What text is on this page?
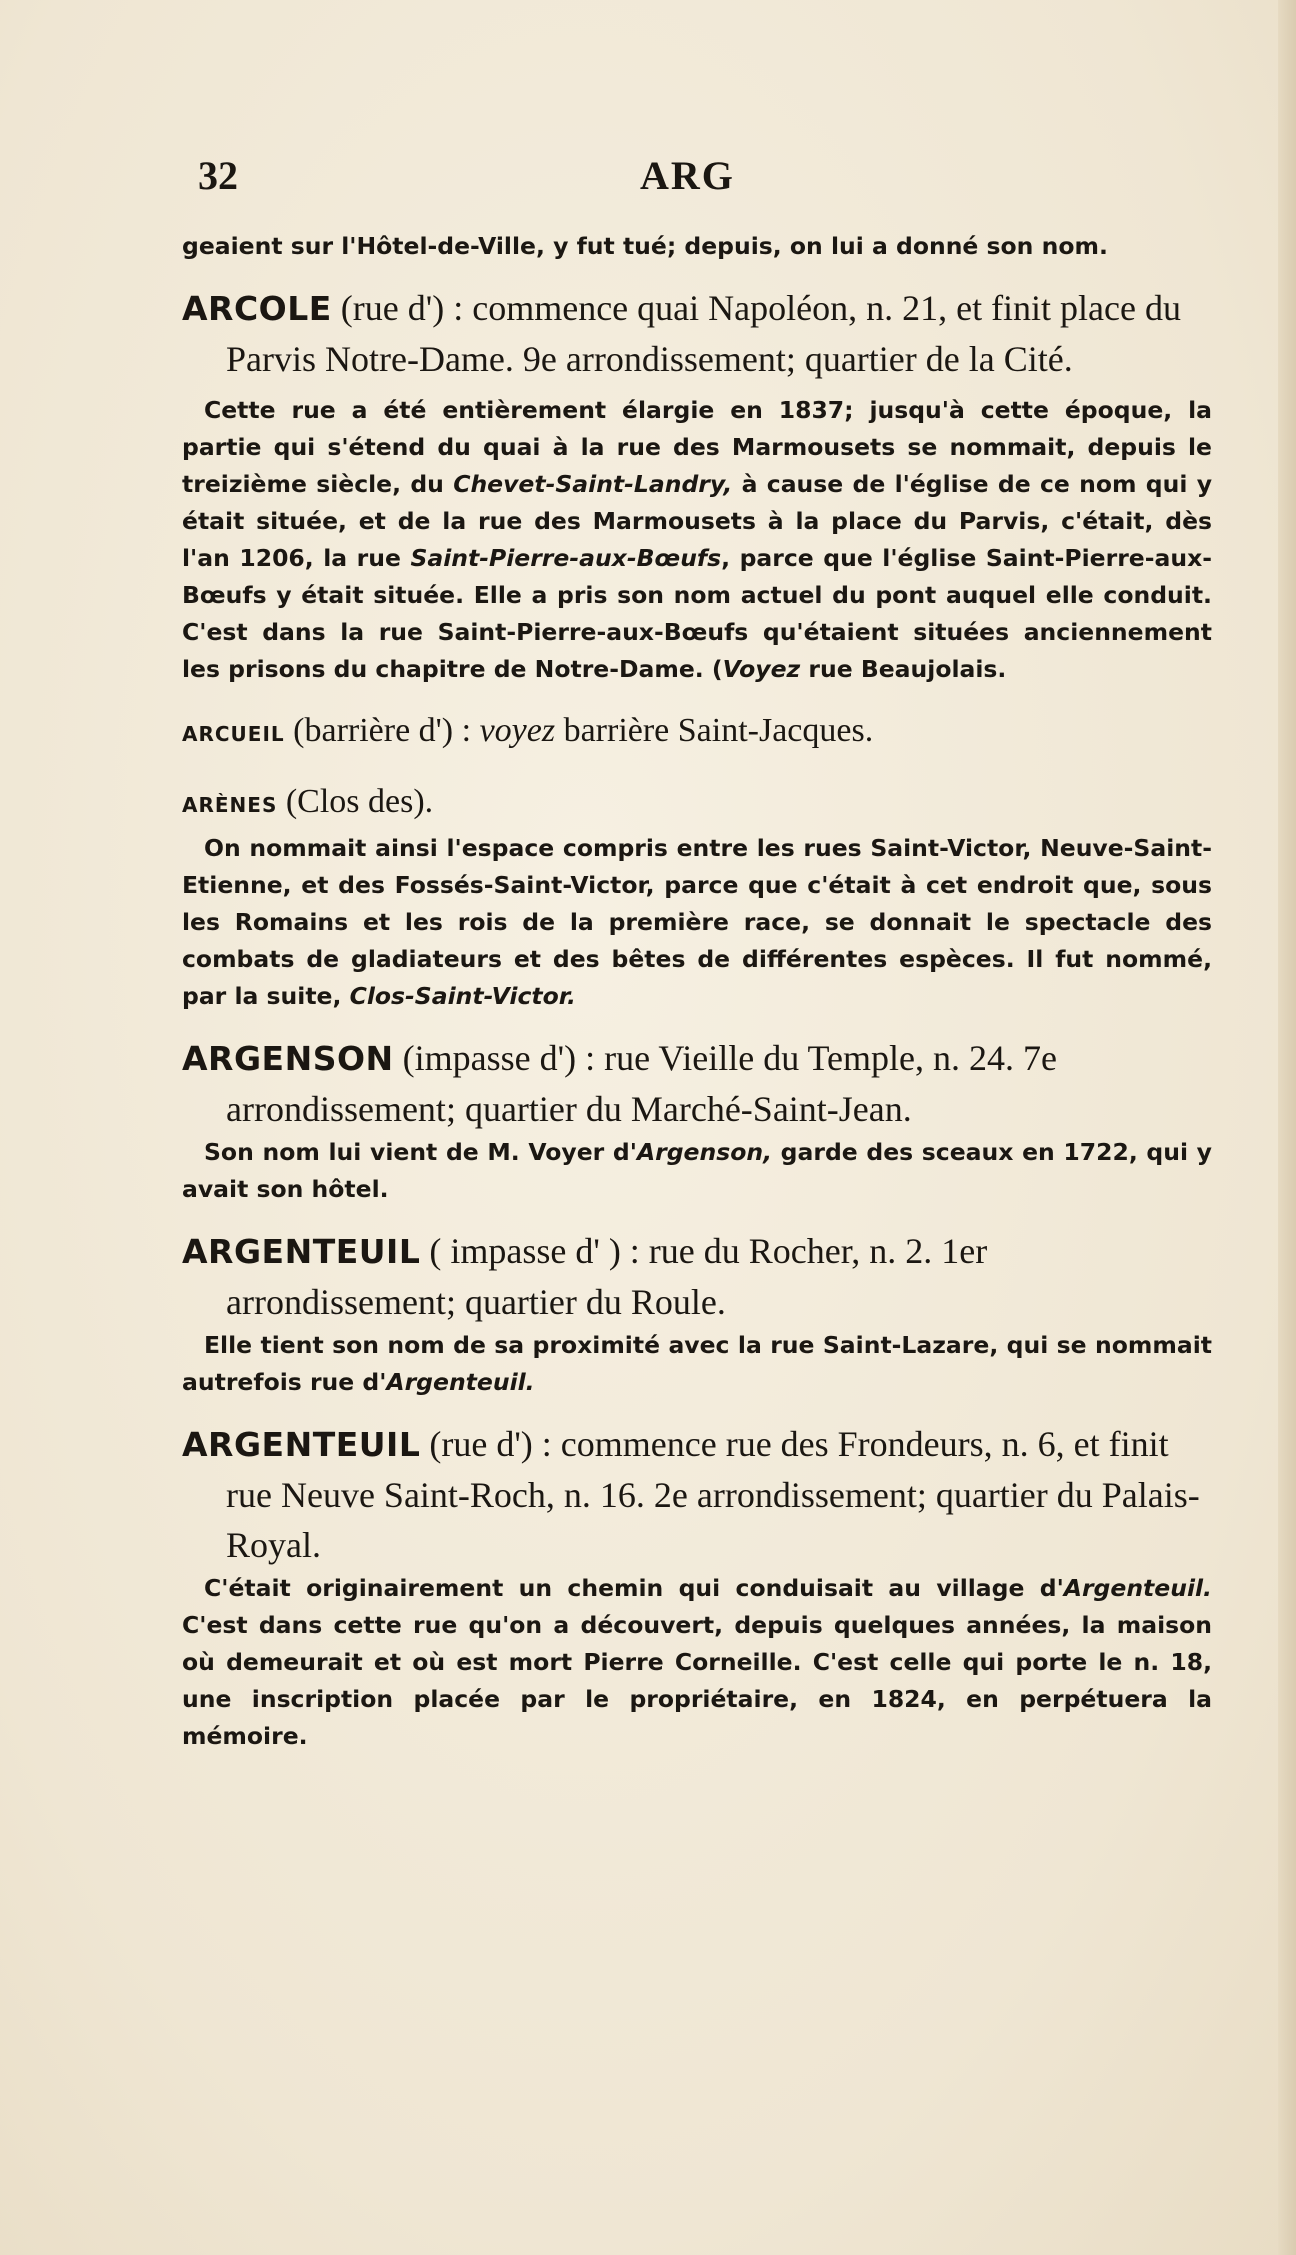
32	ARG

geaient sur l'Hôtel-de-Ville, y fut tué; depuis, on lui a donné son nom.

ARCOLE (rue d') : commence quai Napoléon, n. 21, et finit place du Parvis Notre-Dame. 9e arrondissement; quartier de la Cité.

Cette rue a été entièrement élargie en 1837; jusqu'à cette époque, la partie qui s'étend du quai à la rue des Marmousets se nommait, depuis le treizième siècle, du Chevet-Saint-Landry, à cause de l'église de ce nom qui y était située, et de la rue des Marmousets à la place du Parvis, c'était, dès l'an 1206, la rue Saint-Pierre-aux-Bœufs, parce que l'église Saint-Pierre-aux-Bœufs y était située. Elle a pris son nom actuel du pont auquel elle conduit. C'est dans la rue Saint-Pierre-aux-Bœufs qu'étaient situées anciennement les prisons du chapitre de Notre-Dame. (Voyez rue Beaujolais.

ARCUEIL (barrière d') : voyez barrière Saint-Jacques.

ARÈNES (Clos des).

On nommait ainsi l'espace compris entre les rues Saint-Victor, Neuve-Saint-Etienne, et des Fossés-Saint-Victor, parce que c'était à cet endroit que, sous les Romains et les rois de la première race, se donnait le spectacle des combats de gladiateurs et des bêtes de différentes espèces. Il fut nommé, par la suite, Clos-Saint-Victor.

ARGENSON (impasse d') : rue Vieille du Temple, n. 24. 7e arrondissement; quartier du Marché-Saint-Jean.

Son nom lui vient de M. Voyer d'Argenson, garde des sceaux en 1722, qui y avait son hôtel.

ARGENTEUIL ( impasse d' ) : rue du Rocher, n. 2. 1er arrondissement; quartier du Roule.

Elle tient son nom de sa proximité avec la rue Saint-Lazare, qui se nommait autrefois rue d'Argenteuil.

ARGENTEUIL (rue d') : commence rue des Frondeurs, n. 6, et finit rue Neuve Saint-Roch, n. 16. 2e arrondissement; quartier du Palais-Royal.

C'était originairement un chemin qui conduisait au village d'Argenteuil. C'est dans cette rue qu'on a découvert, depuis quelques années, la maison où demeurait et où est mort Pierre Corneille. C'est celle qui porte le n. 18, une inscription placée par le propriétaire, en 1824, en perpétuera la mémoire.
